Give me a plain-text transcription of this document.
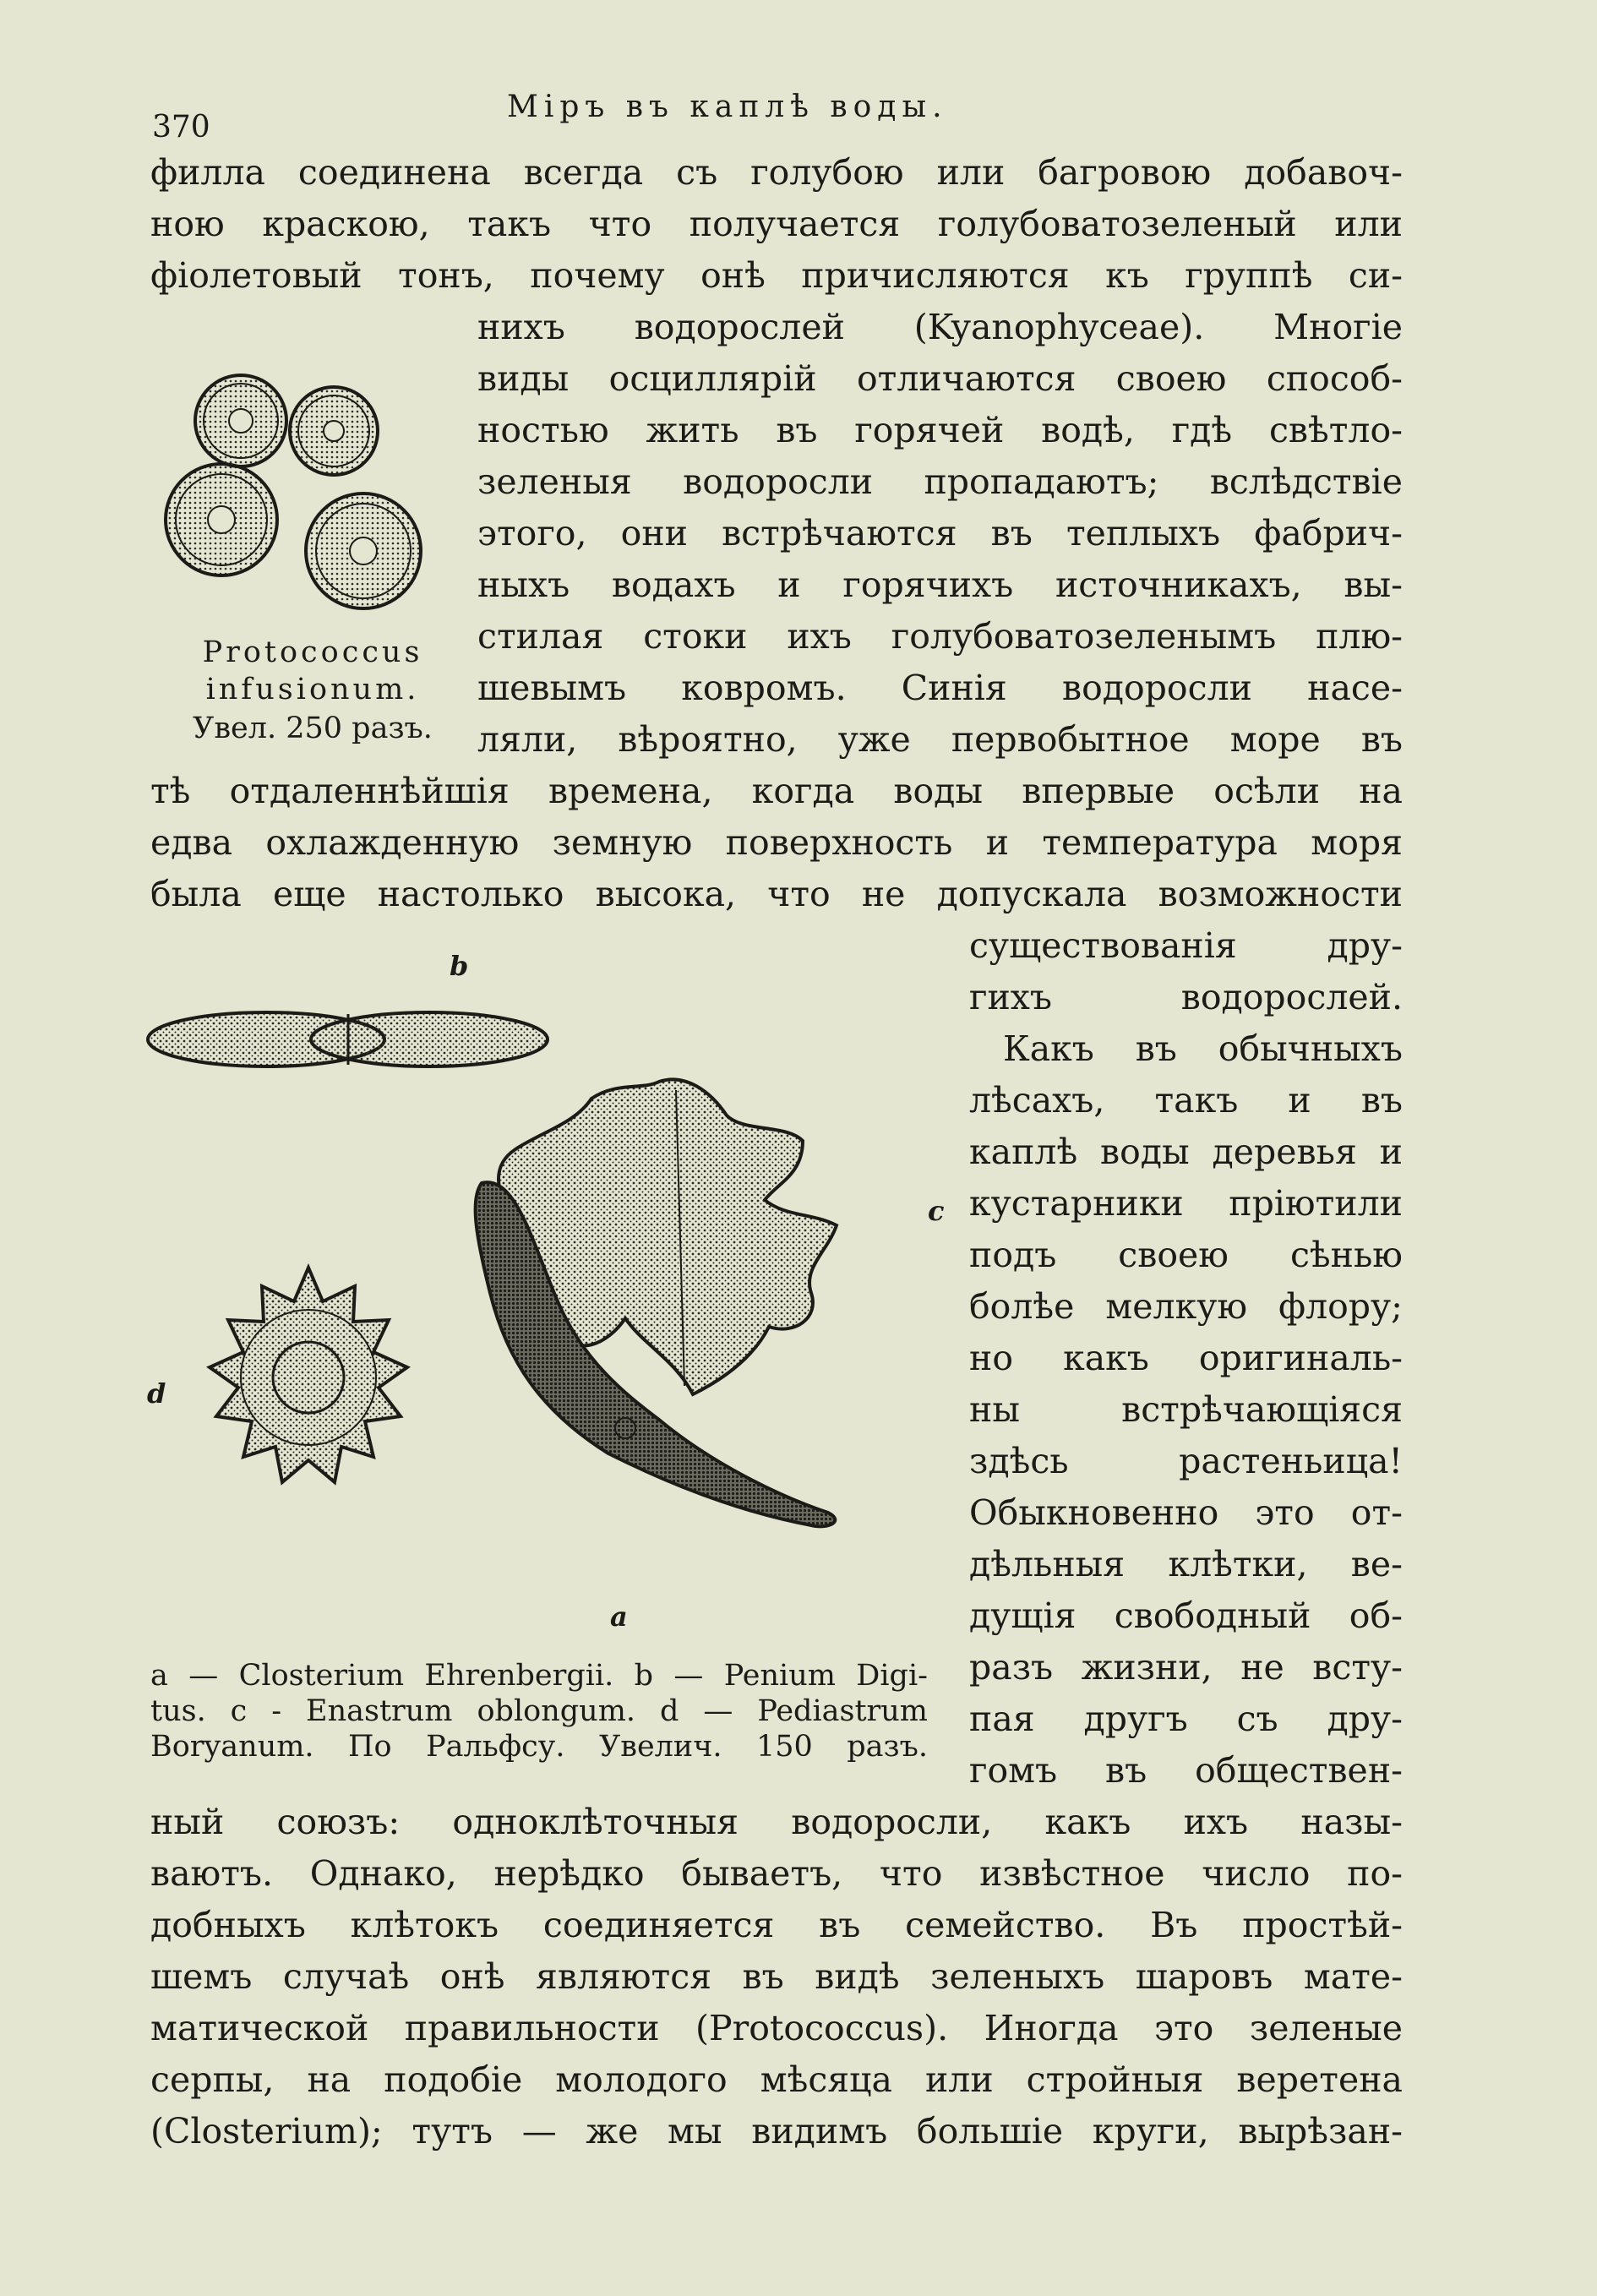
370
Міръ въ каплѣ воды.
филла соединена всегда съ голубою или багровою добавоч-
ною краскою, такъ что получается голубоватозеленый или
фіолетовый тонъ, почему онѣ причисляются къ группѣ си-
нихъ водорослей (Kyanophyceae). Многіе
виды осциллярій отличаются своею способ-
ностью жить въ горячей водѣ, гдѣ свѣтло-
зеленыя водоросли пропадаютъ; вслѣдствіе
этого, они встрѣчаются въ теплыхъ фабрич-
ныхъ водахъ и горячихъ источникахъ, вы-
стилая стоки ихъ голубоватозеленымъ плю-
шевымъ ковромъ. Синія водоросли насе-
ляли, вѣроятно, уже первобытное море въ
Protococcus
infusionum.
Увел. 250 разъ.
тѣ отдаленнѣйшія времена, когда воды впервые осѣли на
едва охлажденную земную поверхность и температура моря
была еще настолько высока, что не допускала возможности
существованія дру-
гихъ водорослей.
Какъ въ обычныхъ
лѣсахъ, такъ и въ
каплѣ воды деревья и
кустарники пріютили
подъ своею сѣнью
болѣе мелкую флору;
но какъ оригиналь-
ны встрѣчающіяся
здѣсь растеньица!
Обыкновенно это от-
дѣльныя клѣтки, ве-
дущія свободный об-
разъ жизни, не всту-
пая другъ съ дру-
гомъ въ обществен-
b
c
d
a
a — Closterium Ehrenbergii. b — Penium Digi-
tus. c - Enastrum oblongum. d — Pediastrum
Boryanum. По Ральфсу. Увелич. 150 разъ.
ный союзъ: одноклѣточныя водоросли, какъ ихъ назы-
ваютъ. Однако, нерѣдко бываетъ, что извѣстное число по-
добныхъ клѣтокъ соединяется въ семейство. Въ простѣй-
шемъ случаѣ онѣ являются въ видѣ зеленыхъ шаровъ мате-
матической правильности (Protococcus). Иногда это зеленые
серпы, на подобіе молодого мѣсяца или стройныя веретена
(Closterium); тутъ — же мы видимъ большіе круги, вырѣзан-
